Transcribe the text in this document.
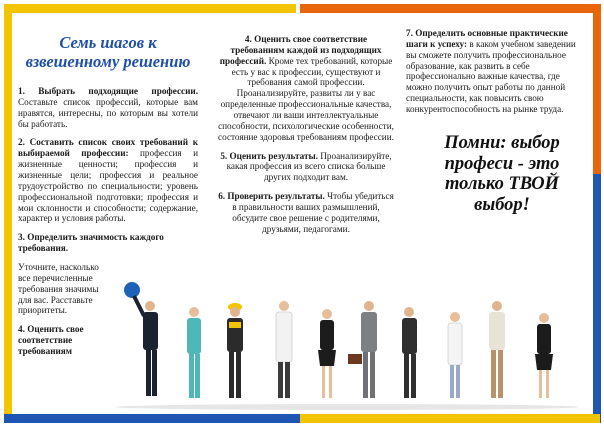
Семь шагов к взвешенному решению

1. Выбрать подходящие профессии. Составьте список профессий, которые вам нравятся, интересны, по которым вы хотели бы работать.

2. Составить список своих требований к выбираемой профессии: профессия и жизненные ценности; профессия и жизненные цели; профессия и реальное трудоустройство по специальности; уровень профессиональной подготовки; профессия и мои склонности и способности; содержание, характер и условия работы.

3. Определить значимость каждого требования.

Уточните, насколько все перечисленные требования значимы для вас. Расставьте приоритеты.

4. Оценить свое соответствие требованиям

4. Оценить свое соответствие требованиям каждой из подходящих профессий. Кроме тех требований, которые есть у вас к профессии, существуют и требования самой профессии. Проанализируйте, развиты ли у вас определенные профессиональные качества, отвечают ли ваши интеллектуальные способности, психологические особенности, состояние здоровья требованиям профессии.

5. Оценить результаты. Проанализируйте, какая профессия из всего списка больше других подходит вам.

6. Проверить результаты. Чтобы убедиться в правильности ваших размышлений, обсудите свое решение с родителями, друзьями, педагогами.

7. Определить основные практические шаги к успеху: в каком учебном заведении вы сможете получить профессиональное образование, как развить в себе профессионально важные качества, где можно получить опыт работы по данной специальности, как повысить свою конкурентоспособность на рынке труда.

Помни: выбор професи - это только ТВОЙ выбор!
